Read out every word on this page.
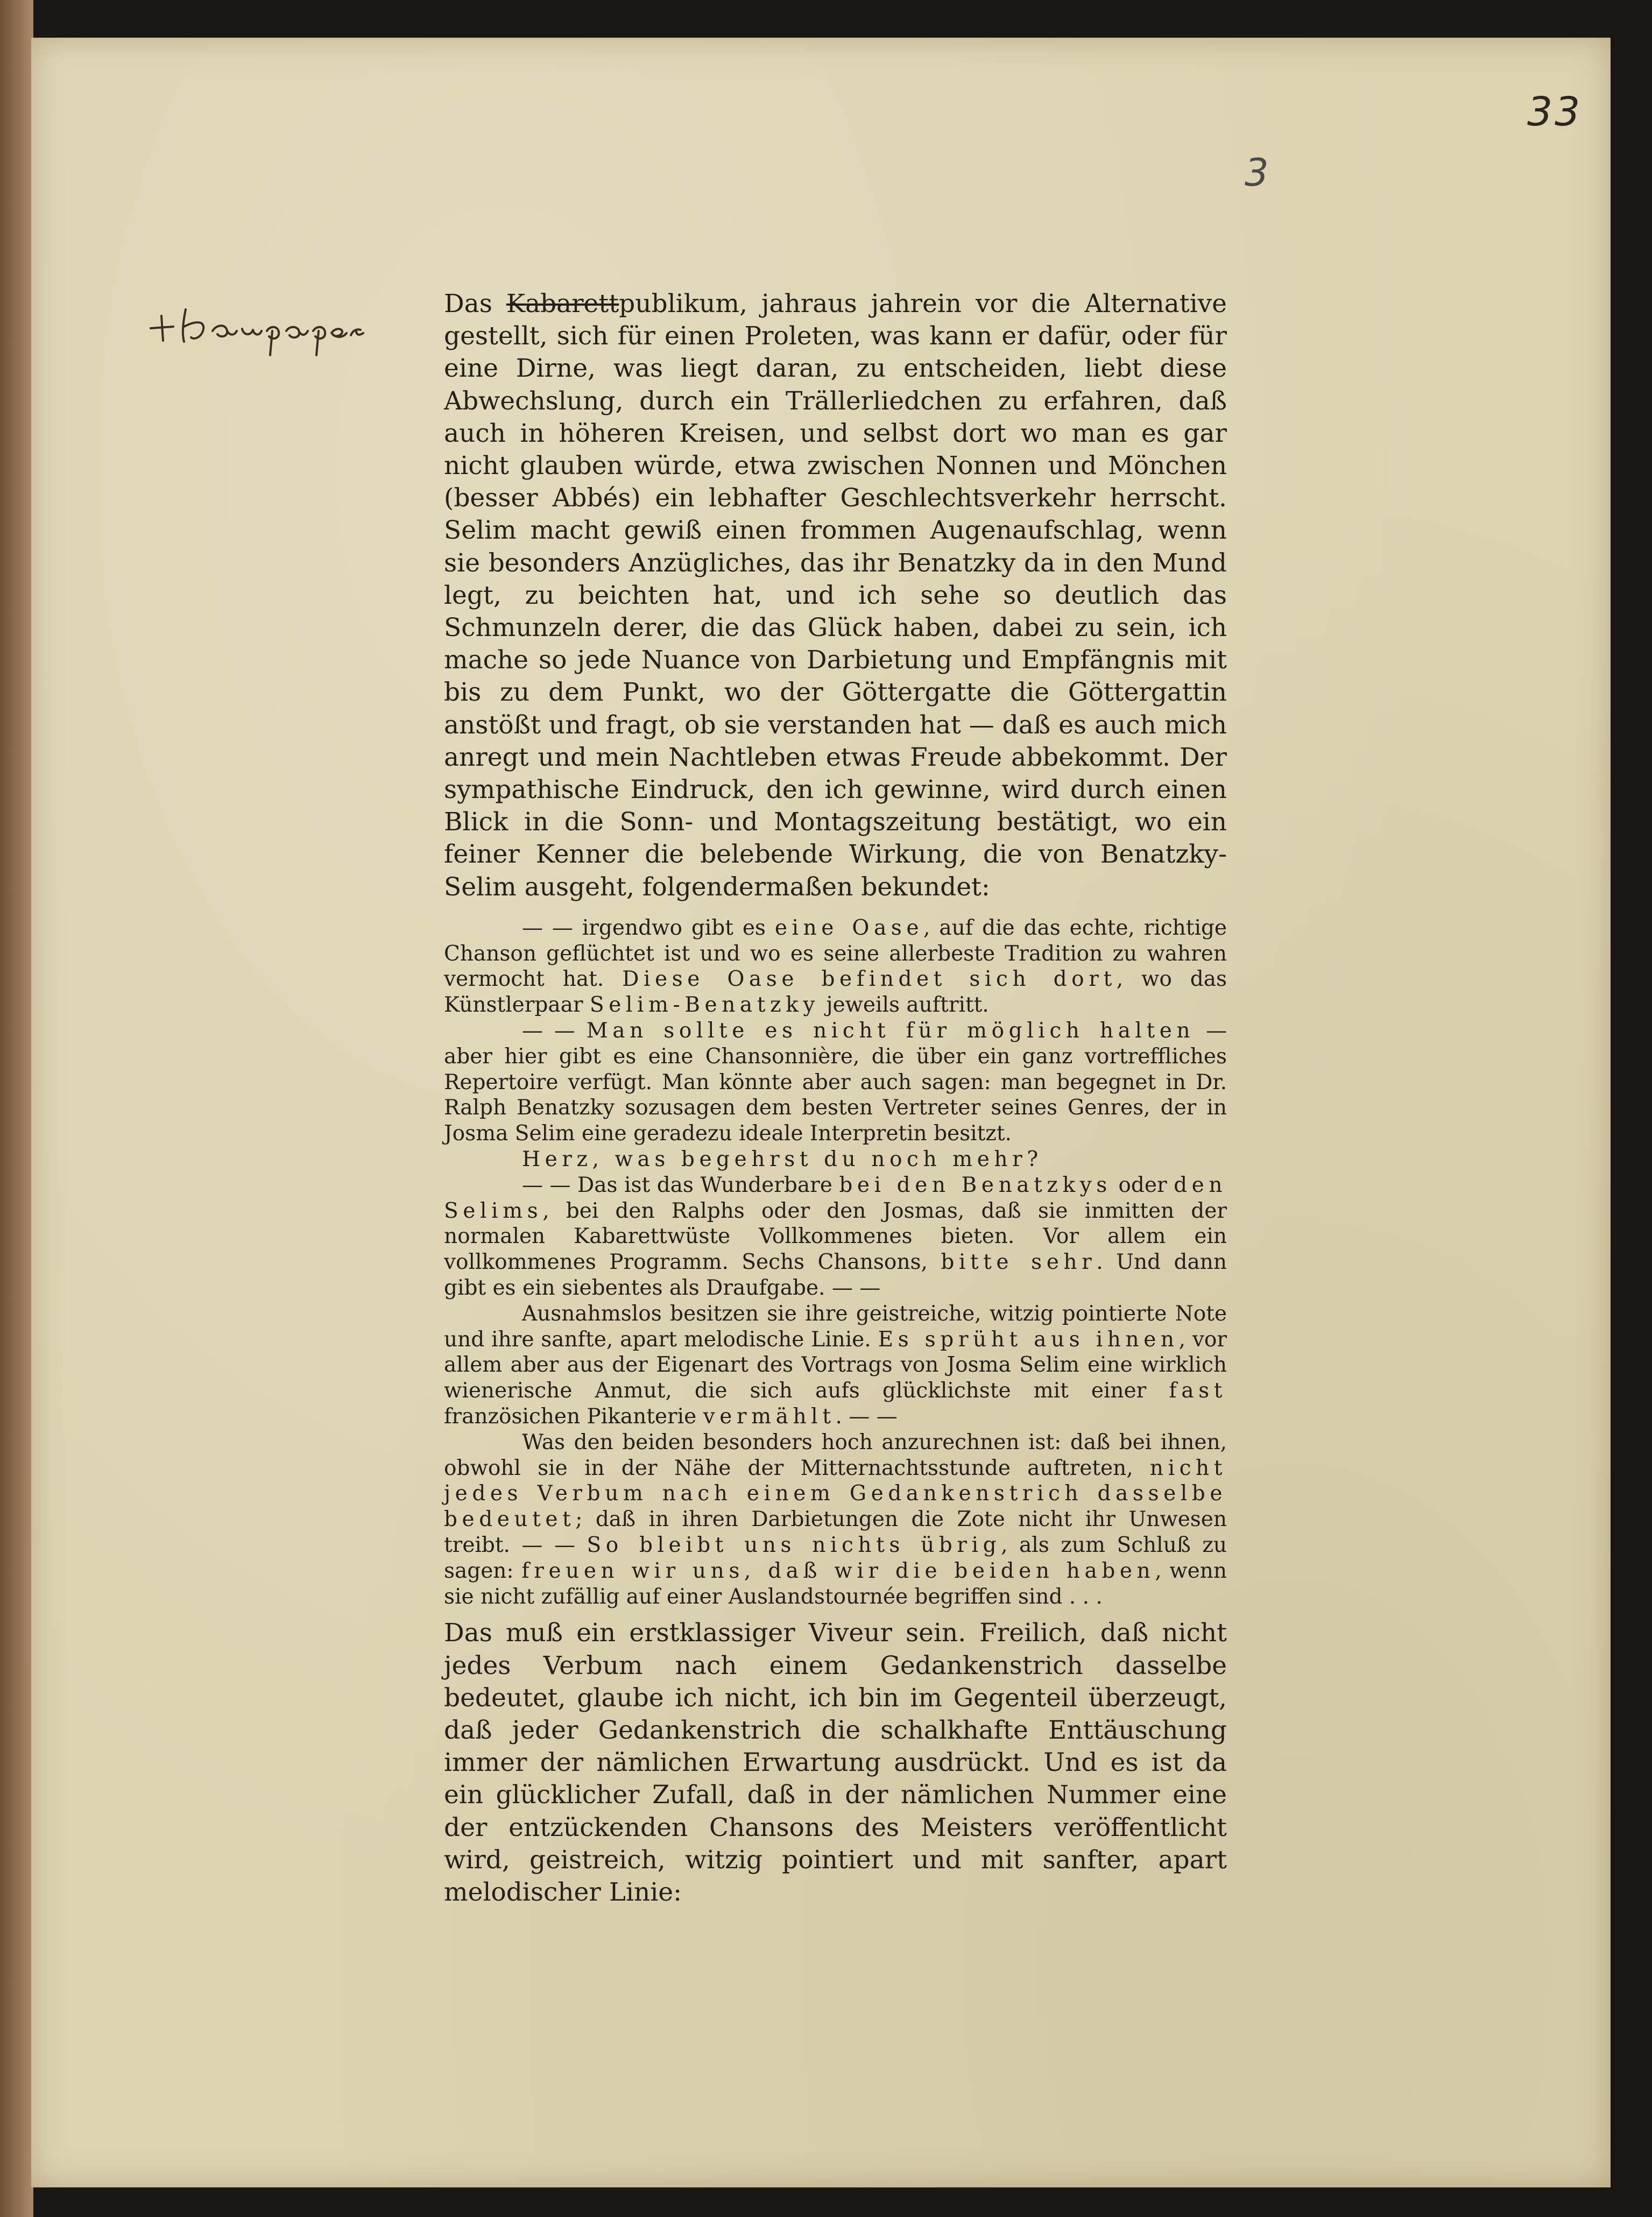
33
3

Das Kabarettpublikum, jahraus jahrein vor die Alternative gestellt, sich für einen Proleten, was kann er dafür, oder für eine Dirne, was liegt daran, zu entscheiden, liebt diese Abwechslung, durch ein Trällerliedchen zu erfahren, daß auch in höheren Kreisen, und selbst dort wo man es gar nicht glauben würde, etwa zwischen Nonnen und Mönchen (besser Abbés) ein lebhafter Geschlechtsverkehr herrscht. Selim macht gewiß einen frommen Augenaufschlag, wenn sie besonders Anzügliches, das ihr Benatzky da in den Mund legt, zu beichten hat, und ich sehe so deutlich das Schmunzeln derer, die das Glück haben, dabei zu sein, ich mache so jede Nuance von Darbietung und Empfängnis mit bis zu dem Punkt, wo der Göttergatte die Göttergattin anstößt und fragt, ob sie verstanden hat — daß es auch mich anregt und mein Nachtleben etwas Freude abbekommt. Der sympathische Eindruck, den ich gewinne, wird durch einen Blick in die Sonn- und Montagszeitung bestätigt, wo ein feiner Kenner die belebende Wirkung, die von Benatzky-Selim ausgeht, folgendermaßen bekundet:

— — irgendwo gibt es eine Oase, auf die das echte, richtige Chanson geflüchtet ist und wo es seine allerbeste Tradition zu wahren vermocht hat. Diese Oase befindet sich dort, wo das Künstlerpaar Selim-Benatzky jeweils auftritt.

— — Man sollte es nicht für möglich halten — aber hier gibt es eine Chansonnière, die über ein ganz vortreffliches Repertoire verfügt. Man könnte aber auch sagen: man begegnet in Dr. Ralph Benatzky sozusagen dem besten Vertreter seines Genres, der in Josma Selim eine geradezu ideale Interpretin besitzt.

Herz, was begehrst du noch mehr?

— — Das ist das Wunderbare bei den Benatzkys oder den Selims, bei den Ralphs oder den Josmas, daß sie inmitten der normalen Kabarettwüste Vollkommenes bieten. Vor allem ein vollkommenes Programm. Sechs Chansons, bitte sehr. Und dann gibt es ein siebentes als Draufgabe. — —

Ausnahmslos besitzen sie ihre geistreiche, witzig pointierte Note und ihre sanfte, apart melodische Linie. Es sprüht aus ihnen, vor allem aber aus der Eigenart des Vortrags von Josma Selim eine wirklich wienerische Anmut, die sich aufs glücklichste mit einer fast französichen Pikanterie vermählt. — —

Was den beiden besonders hoch anzurechnen ist: daß bei ihnen, obwohl sie in der Nähe der Mitternachtsstunde auftreten, nicht jedes Verbum nach einem Gedankenstrich dasselbe bedeutet; daß in ihren Darbietungen die Zote nicht ihr Unwesen treibt. — — So bleibt uns nichts übrig, als zum Schluß zu sagen: freuen wir uns, daß wir die beiden haben, wenn sie nicht zufällig auf einer Auslandstournée begriffen sind . . .

Das muß ein erstklassiger Viveur sein. Freilich, daß nicht jedes Verbum nach einem Gedankenstrich dasselbe bedeutet, glaube ich nicht, ich bin im Gegenteil überzeugt, daß jeder Gedankenstrich die schalkhafte Enttäuschung immer der nämlichen Erwartung ausdrückt. Und es ist da ein glücklicher Zufall, daß in der nämlichen Nummer eine der entzückenden Chansons des Meisters veröffentlicht wird, geistreich, witzig pointiert und mit sanfter, apart melodischer Linie:
